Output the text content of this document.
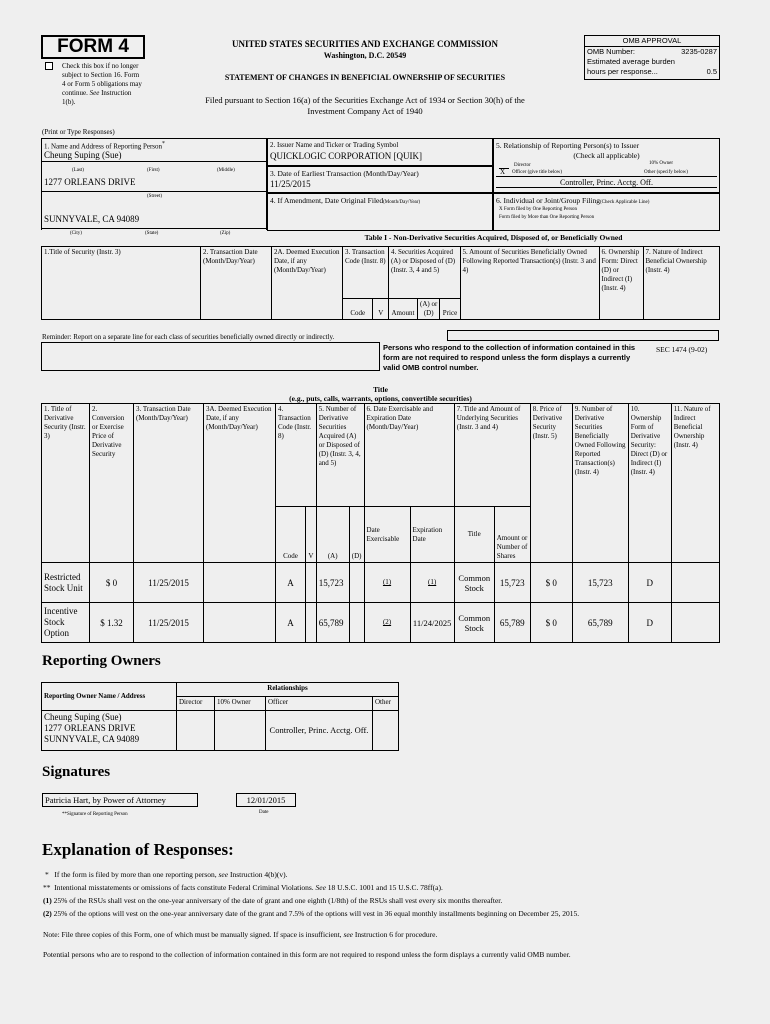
FORM 4
Check this box if no longer subject to Section 16. Form 4 or Form 5 obligations may continue. See Instruction 1(b).
UNITED STATES SECURITIES AND EXCHANGE COMMISSION
Washington, D.C. 20549
STATEMENT OF CHANGES IN BENEFICIAL OWNERSHIP OF SECURITIES
Filed pursuant to Section 16(a) of the Securities Exchange Act of 1934 or Section 30(h) of the
Investment Company Act of 1940
OMB APPROVAL
OMB Number:	3235-0287
Estimated average burden
hours per response...	0.5
(Print or Type Responses)
1. Name and Address of Reporting Person*
Cheung Suping (Sue)
(Last)	(First)	(Middle)
1277 ORLEANS DRIVE
(Street)
SUNNYVALE, CA 94089
(City)	(State)	(Zip)
2. Issuer Name and Ticker or Trading Symbol
QUICKLOGIC CORPORATION [QUIK]
3. Date of Earliest Transaction (Month/Day/Year)
11/25/2015
4. If Amendment, Date Original Filed(Month/Day/Year)
5. Relationship of Reporting Person(s) to Issuer
(Check all applicable)
Director	10% Owner
X Officer (give title below)	Other (specify below)
Controller, Princ. Acctg. Off.
6. Individual or Joint/Group Filing(Check Applicable Line)
X Form filed by One Reporting Person
Form filed by More than One Reporting Person
Table I - Non-Derivative Securities Acquired, Disposed of, or Beneficially Owned
1.Title of Security (Instr. 3)	2. Transaction Date (Month/Day/Year)	2A. Deemed Execution Date, if any (Month/Day/Year)	3. Transaction Code (Instr. 8)		4. Securities Acquired (A) or Disposed of (D) (Instr. 3, 4 and 5)			5. Amount of Securities Beneficially Owned Following Reported Transaction(s) (Instr. 3 and 4)	6. Ownership Form: Direct (D) or Indirect (I) (Instr. 4)	7. Nature of Indirect Beneficial Ownership (Instr. 4)
			Code	V	Amount	(A) or (D)	Price			
Reminder: Report on a separate line for each class of securities beneficially owned directly or indirectly.
Persons who respond to the collection of information contained in this form are not required to respond unless the form displays a currently valid OMB control number.
SEC 1474 (9-02)
Title
(e.g., puts, calls, warrants, options, convertible securities)
1. Title of Derivative Security (Instr. 3)	2. Conversion or Exercise Price of Derivative Security	3. Transaction Date (Month/Day/Year)	3A. Deemed Execution Date, if any (Month/Day/Year)	4. Transaction Code (Instr. 8)		5. Number of Derivative Securities Acquired (A) or Disposed of (D) (Instr. 3, 4, and 5)		6. Date Exercisable and Expiration Date (Month/Day/Year)		7. Title and Amount of Underlying Securities (Instr. 3 and 4)		8. Price of Derivative Security (Instr. 5)	9. Number of Derivative Securities Beneficially Owned Following Reported Transaction(s) (Instr. 4)	10. Ownership Form of Derivative Security: Direct (D) or Indirect (I) (Instr. 4)	11. Nature of Indirect Beneficial Ownership (Instr. 4)
				Code	V	(A)	(D)	Date Exercisable	Expiration Date	Title	Amount or Number of Shares				
Restricted Stock Unit	$ 0	11/25/2015		A		15,723		(1)	(1)	Common Stock	15,723	$ 0	15,723	D	
Incentive Stock Option	$ 1.32	11/25/2015		A		65,789		(2)	11/24/2025	Common Stock	65,789	$ 0	65,789	D	
Reporting Owners
Reporting Owner Name / Address	Relationships			
	Director	10% Owner	Officer	Other

Cheung Suping (Sue)
1277 ORLEANS DRIVE
SUNNYVALE, CA 94089			Controller, Princ. Acctg. Off.	
Signatures
Patricia Hart, by Power of Attorney	12/01/2015
**Signature of Reporting Person	Date
Explanation of Responses:
* If the form is filed by more than one reporting person, see Instruction 4(b)(v).
** Intentional misstatements or omissions of facts constitute Federal Criminal Violations. See 18 U.S.C. 1001 and 15 U.S.C. 78ff(a).
(1) 25% of the RSUs shall vest on the one-year anniversary of the date of grant and one eighth (1/8th) of the RSUs shall vest every six months thereafter.
(2) 25% of the options will vest on the one-year anniversary date of the grant and 7.5% of the options will vest in 36 equal monthly installments beginning on December 25, 2015.
Note: File three copies of this Form, one of which must be manually signed. If space is insufficient, see Instruction 6 for procedure.
Potential persons who are to respond to the collection of information contained in this form are not required to respond unless the form displays a currently valid OMB number.
